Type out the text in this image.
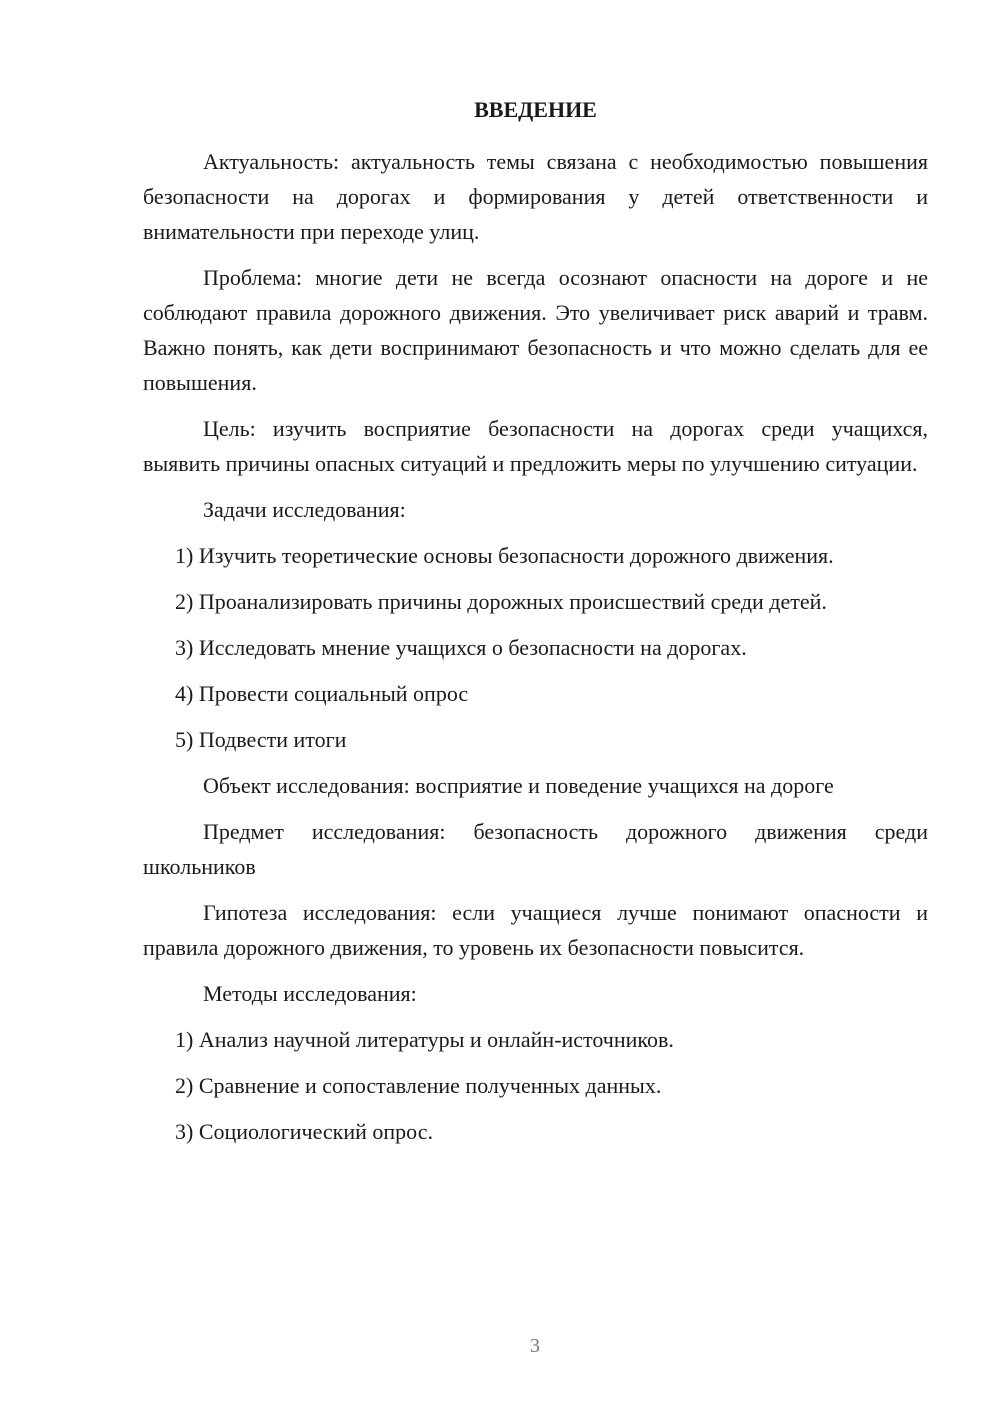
ВВЕДЕНИЕ

Актуальность: актуальность темы связана с необходимостью повышения безопасности на дорогах и формирования у детей ответственности и внимательности при переходе улиц.

Проблема: многие дети не всегда осознают опасности на дороге и не соблюдают правила дорожного движения. Это увеличивает риск аварий и травм. Важно понять, как дети воспринимают безопасность и что можно сделать для ее повышения.

Цель: изучить восприятие безопасности на дорогах среди учащихся, выявить причины опасных ситуаций и предложить меры по улучшению ситуации.

Задачи исследования:

1) Изучить теоретические основы безопасности дорожного движения.
2) Проанализировать причины дорожных происшествий среди детей.
3) Исследовать мнение учащихся о безопасности на дорогах.
4) Провести социальный опрос
5) Подвести итоги

Объект исследования: восприятие и поведение учащихся на дороге

Предмет исследования: безопасность дорожного движения среди школьников

Гипотеза исследования: если учащиеся лучше понимают опасности и правила дорожного движения, то уровень их безопасности повысится.

Методы исследования:

1) Анализ научной литературы и онлайн-источников.
2) Сравнение и сопоставление полученных данных.
3) Социологический опрос.
3
